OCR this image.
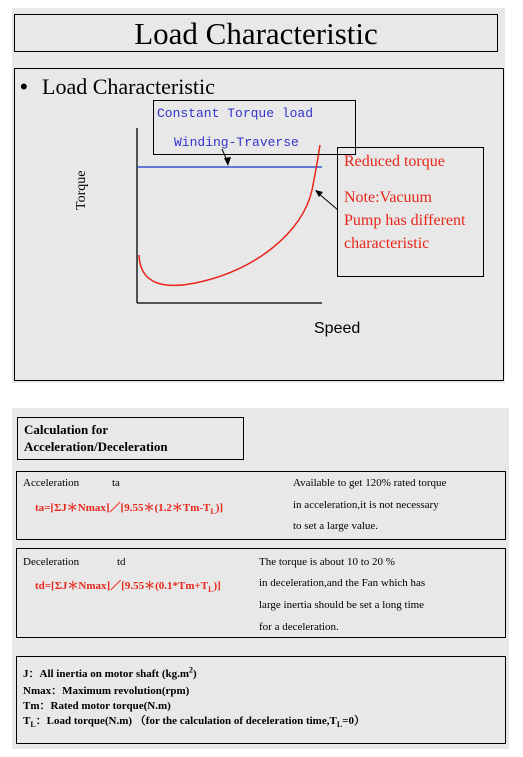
Load Characteristic
• Load Characteristic
Constant Torque load
Winding-Traverse
Reduced torque
Note:Vacuum Pump has different characteristic
Torque
Speed
Calculation for Acceleration/Deceleration
Acceleration	ta
$ta=[\Sigma J*Nmax]/[9.55*(1.2*Tm-T_L)]$
Available to get 120% rated torque
in acceleration,it is not necessary
to set a large value.
Deceleration	td
$td=[\Sigma J*Nmax]/[9.55*(0.1*Tm+T_L)]$
The torque is about 10 to 20 %
in deceleration,and the Fan which has
large inertia should be set a long time
for a deceleration.
J：All inertia on motor shaft $(kg.m^2)$
Nmax：Maximum revolution(rpm)
Tm：Rated motor torque(N.m)
$T_L$：Load torque(N.m) （for the calculation of deceleration $time,T_L=0$）
